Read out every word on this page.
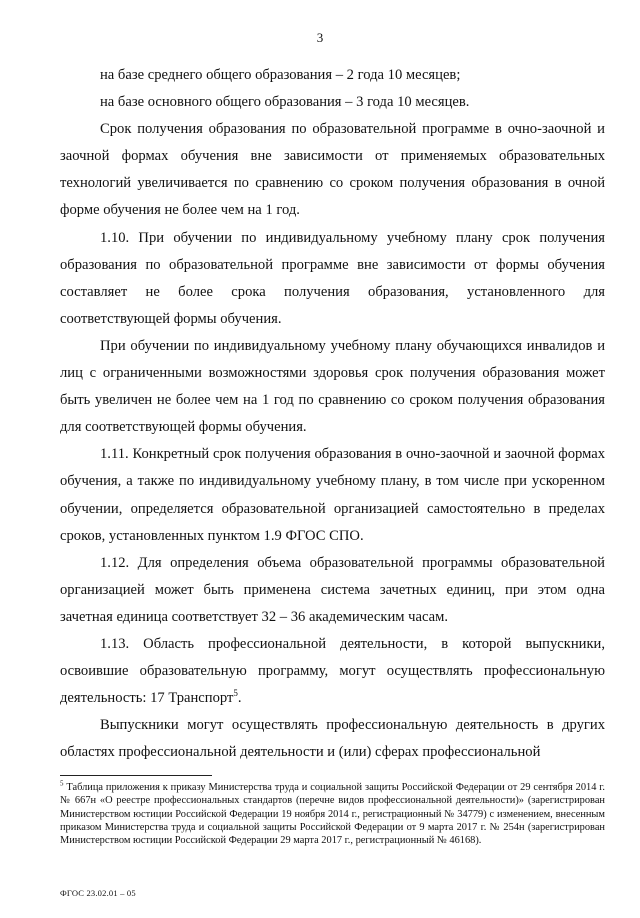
3

на базе среднего общего образования – 2 года 10 месяцев;

на базе основного общего образования – 3 года 10 месяцев.

Срок получения образования по образовательной программе в очно-заочной и заочной формах обучения вне зависимости от применяемых образовательных технологий увеличивается по сравнению со сроком получения образования в очной форме обучения не более чем на 1 год.

1.10. При обучении по индивидуальному учебному плану срок получения образования по образовательной программе вне зависимости от формы обучения составляет не более срока получения образования, установленного для соответствующей формы обучения.

При обучении по индивидуальному учебному плану обучающихся инвалидов и лиц с ограниченными возможностями здоровья срок получения образования может быть увеличен не более чем на 1 год по сравнению со сроком получения образования для соответствующей формы обучения.

1.11. Конкретный срок получения образования в очно-заочной и заочной формах обучения, а также по индивидуальному учебному плану, в том числе при ускоренном обучении, определяется образовательной организацией самостоятельно в пределах сроков, установленных пунктом 1.9 ФГОС СПО.

1.12. Для определения объема образовательной программы образовательной организацией может быть применена система зачетных единиц, при этом одна зачетная единица соответствует 32 – 36 академическим часам.

1.13. Область профессиональной деятельности, в которой выпускники, освоившие образовательную программу, могут осуществлять профессиональную деятельность: 17 Транспорт$^5$.

Выпускники могут осуществлять профессиональную деятельность в других областях профессиональной деятельности и (или) сферах профессиональной

$^5$ Таблица приложения к приказу Министерства труда и социальной защиты Российской Федерации от 29 сентября 2014 г. № 667н «О реестре профессиональных стандартов (перечне видов профессиональной деятельности)» (зарегистрирован Министерством юстиции Российской Федерации 19 ноября 2014 г., регистрационный № 34779) с изменением, внесенным приказом Министерства труда и социальной защиты Российской Федерации от 9 марта 2017 г. № 254н (зарегистрирован Министерством юстиции Российской Федерации 29 марта 2017 г., регистрационный № 46168).
ФГОС 23.02.01 – 05
